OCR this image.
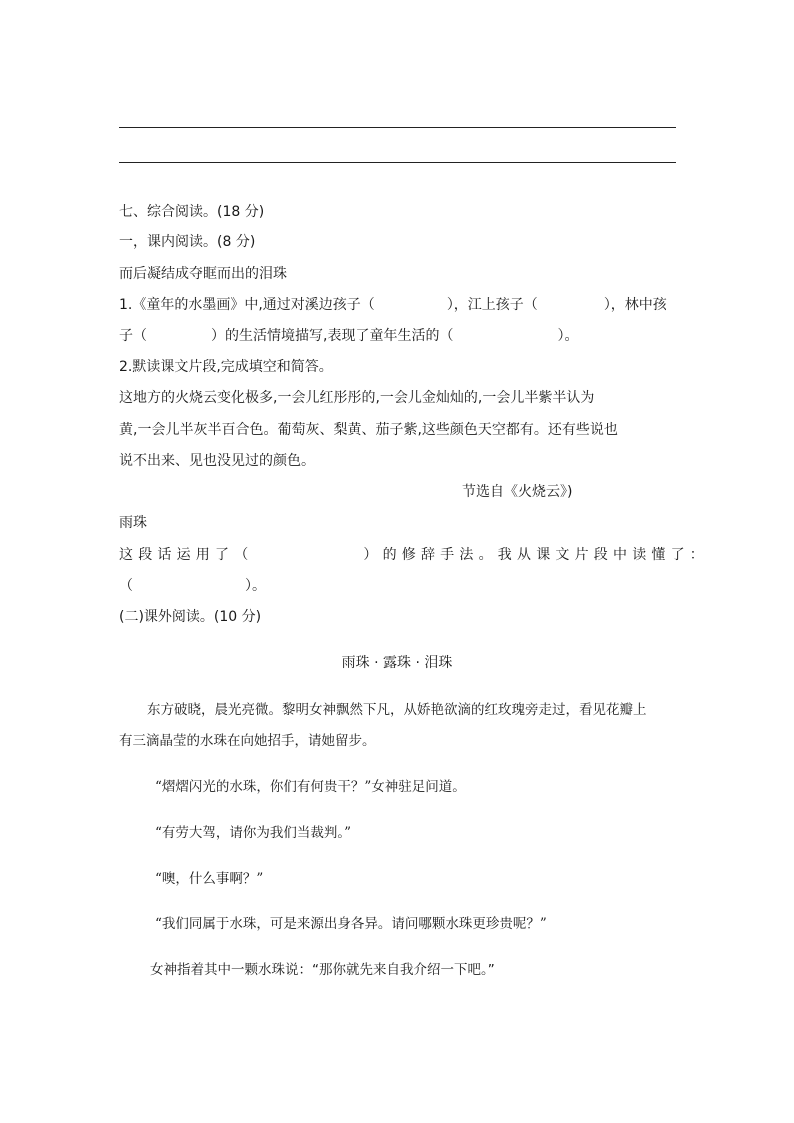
七、综合阅读。(18 分)
一，课内阅读。(8 分)
而后凝结成夺眶而出的泪珠
1.《童年的水墨画》中,通过对溪边孩子（	），江上孩子（	），林中孩
子（	）的生活情境描写,表现了童年生活的（	）。
2.默读课文片段,完成填空和简答。
这地方的火烧云变化极多,一会儿红彤彤的,一会儿金灿灿的,一会儿半紫半认为
黄,一会儿半灰半百合色。葡萄灰、梨黄、茄子紫,这些颜色天空都有。还有些说也
说不出来、见也没见过的颜色。
节选自《火烧云》)
雨珠
这段话运用了（	）的修辞手法。我从课文片段中读懂了：
（	）。
(二)课外阅读。(10 分)
雨珠 · 露珠 · 泪珠
东方破晓，晨光亮微。黎明女神飘然下凡，从娇艳欲滴的红玫瑰旁走过，看见花瓣上
有三滴晶莹的水珠在向她招手，请她留步。
“熠熠闪光的水珠，你们有何贵干？”女神驻足问道。
“有劳大驾，请你为我们当裁判。”
“噢，什么事啊？”
“我们同属于水珠，可是来源出身各异。请问哪颗水珠更珍贵呢？”
女神指着其中一颗水珠说：“那你就先来自我介绍一下吧。”
